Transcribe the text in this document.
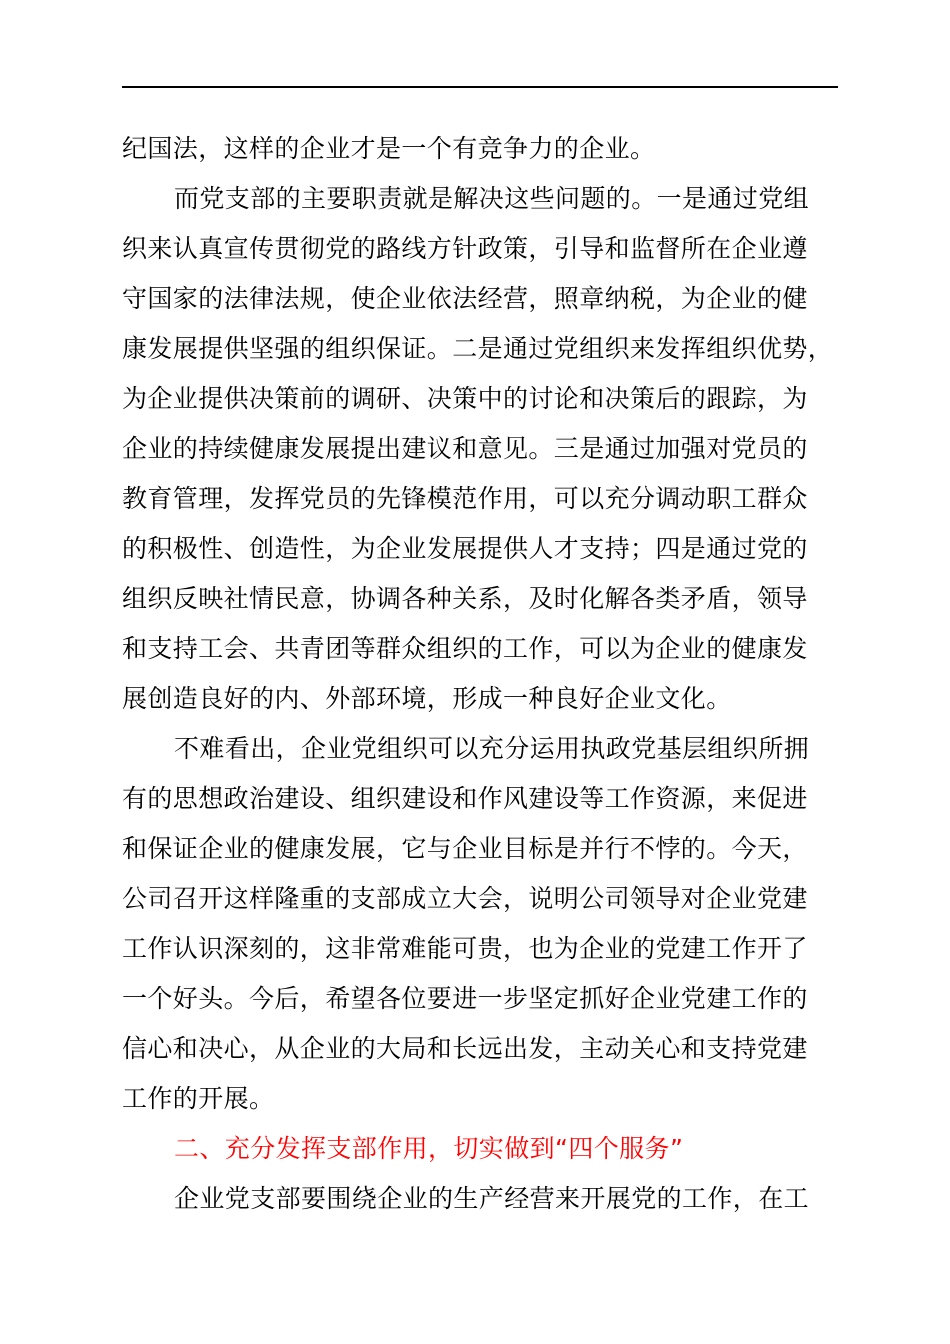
纪国法，这样的企业才是一个有竞争力的企业。
而党支部的主要职责就是解决这些问题的。一是通过党组
织来认真宣传贯彻党的路线方针政策，引导和监督所在企业遵
守国家的法律法规，使企业依法经营，照章纳税，为企业的健
康发展提供坚强的组织保证。二是通过党组织来发挥组织优势，
为企业提供决策前的调研、决策中的讨论和决策后的跟踪，为
企业的持续健康发展提出建议和意见。三是通过加强对党员的
教育管理，发挥党员的先锋模范作用，可以充分调动职工群众
的积极性、创造性，为企业发展提供人才支持；四是通过党的
组织反映社情民意，协调各种关系，及时化解各类矛盾，领导
和支持工会、共青团等群众组织的工作，可以为企业的健康发
展创造良好的内、外部环境，形成一种良好企业文化。
不难看出，企业党组织可以充分运用执政党基层组织所拥
有的思想政治建设、组织建设和作风建设等工作资源，来促进
和保证企业的健康发展，它与企业目标是并行不悖的。今天，
公司召开这样隆重的支部成立大会，说明公司领导对企业党建
工作认识深刻的，这非常难能可贵，也为企业的党建工作开了
一个好头。今后，希望各位要进一步坚定抓好企业党建工作的
信心和决心，从企业的大局和长远出发，主动关心和支持党建
工作的开展。
二、充分发挥支部作用，切实做到“四个服务”
企业党支部要围绕企业的生产经营来开展党的工作，在工
